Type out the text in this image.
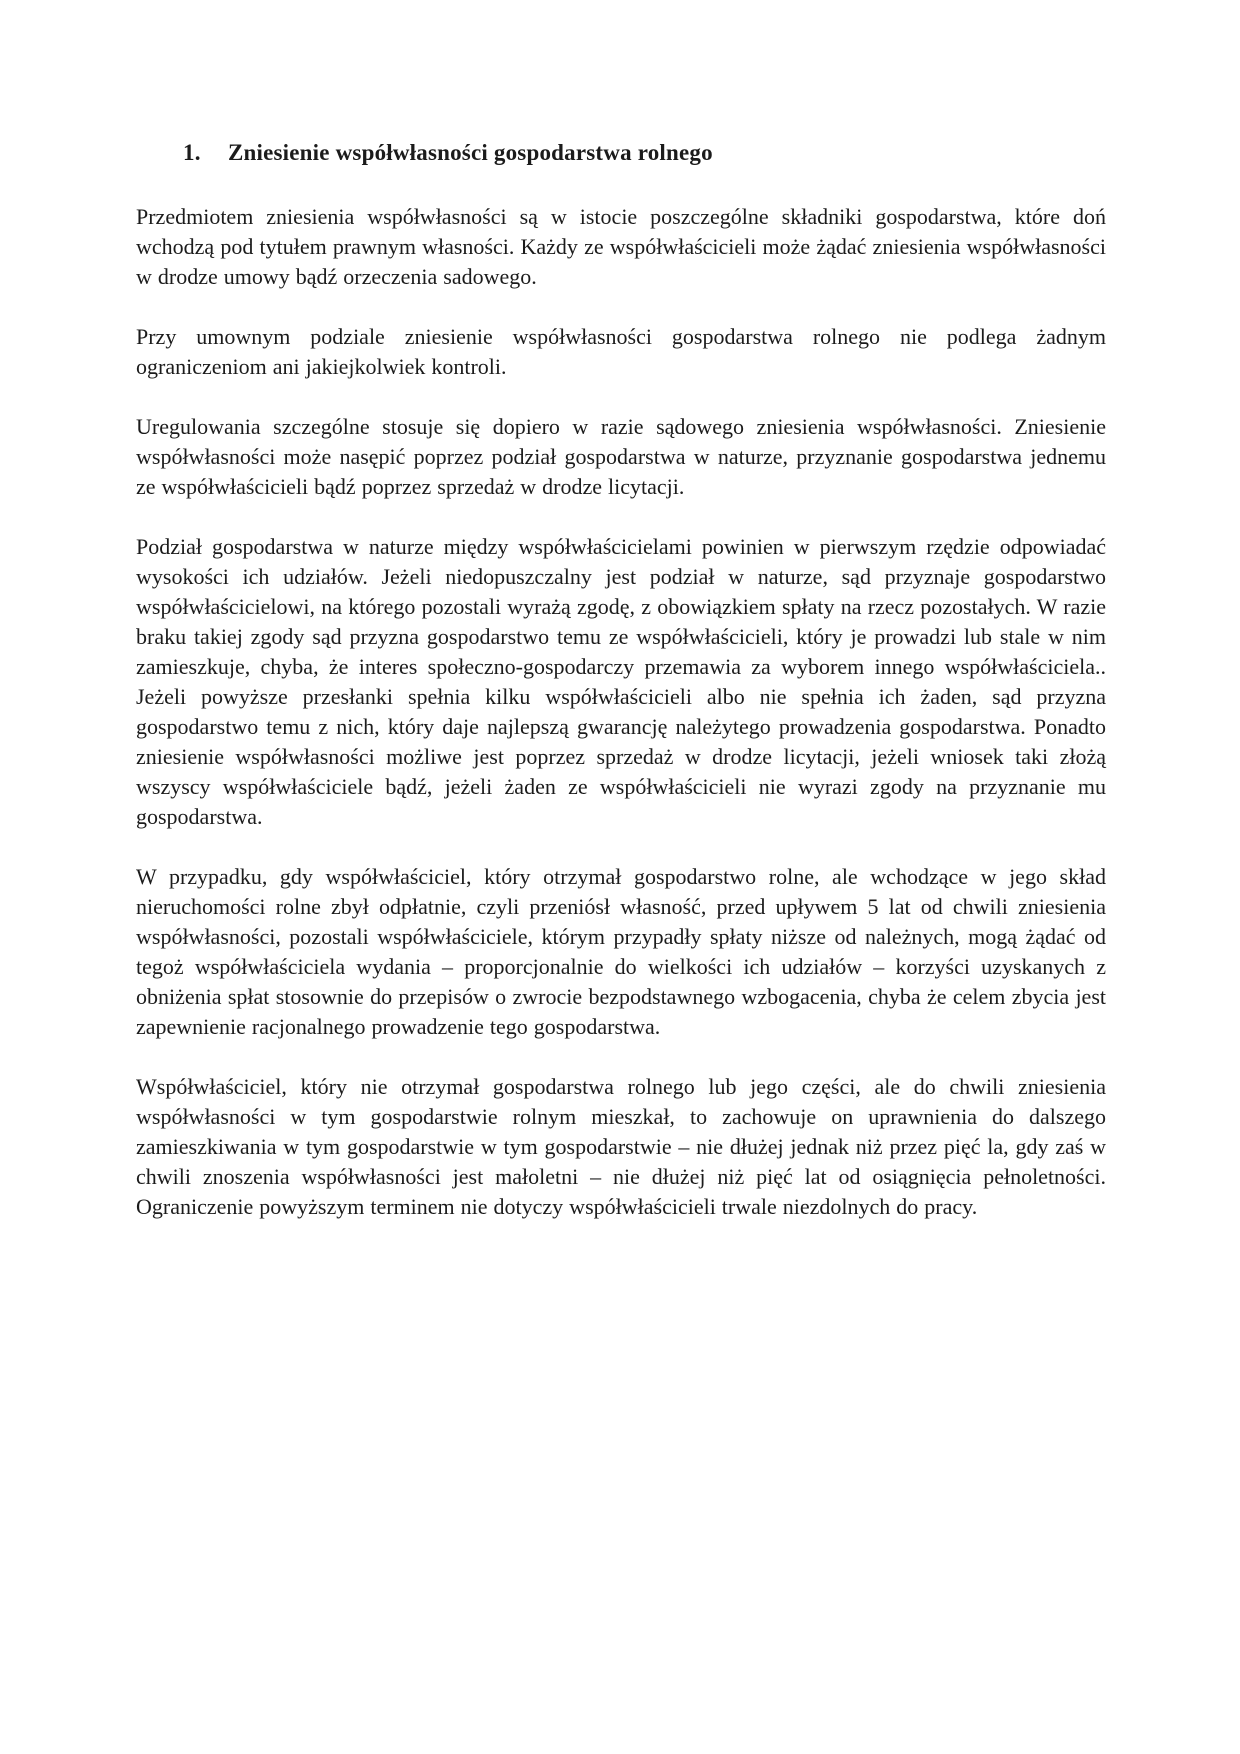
1.	Zniesienie współwłasności gospodarstwa rolnego

Przedmiotem zniesienia współwłasności są w istocie poszczególne składniki gospodarstwa, które doń wchodzą pod tytułem prawnym własności. Każdy ze współwłaścicieli może żądać zniesienia współwłasności w drodze umowy bądź orzeczenia sadowego.

Przy umownym podziale zniesienie współwłasności gospodarstwa rolnego nie podlega żadnym ograniczeniom ani jakiejkolwiek kontroli.

Uregulowania szczególne stosuje się dopiero w razie sądowego zniesienia współwłasności. Zniesienie współwłasności może nasępić poprzez podział gospodarstwa w naturze, przyznanie gospodarstwa jednemu ze współwłaścicieli bądź poprzez sprzedaż w drodze licytacji.

Podział gospodarstwa w naturze między współwłaścicielami powinien w pierwszym rzędzie odpowiadać wysokości ich udziałów. Jeżeli niedopuszczalny jest podział w naturze, sąd przyznaje gospodarstwo współwłaścicielowi, na którego pozostali wyrażą zgodę, z obowiązkiem spłaty na rzecz pozostałych. W razie braku takiej zgody sąd przyzna gospodarstwo temu ze współwłaścicieli, który je prowadzi lub stale w nim zamieszkuje, chyba, że interes społeczno-gospodarczy przemawia za wyborem innego współwłaściciela.. Jeżeli powyższe przesłanki spełnia kilku współwłaścicieli albo nie spełnia ich żaden, sąd przyzna gospodarstwo temu z nich, który daje najlepszą gwarancję należytego prowadzenia gospodarstwa. Ponadto zniesienie współwłasności możliwe jest poprzez sprzedaż w drodze licytacji, jeżeli wniosek taki złożą wszyscy współwłaściciele bądź, jeżeli żaden ze współwłaścicieli nie wyrazi zgody na przyznanie mu gospodarstwa.

W przypadku, gdy współwłaściciel, który otrzymał gospodarstwo rolne, ale wchodzące w jego skład nieruchomości rolne zbył odpłatnie, czyli przeniósł własność, przed upływem 5 lat od chwili zniesienia współwłasności, pozostali współwłaściciele, którym przypadły spłaty niższe od należnych, mogą żądać od tegoż współwłaściciela wydania – proporcjonalnie do wielkości ich udziałów – korzyści uzyskanych z obniżenia spłat stosownie do przepisów o zwrocie bezpodstawnego wzbogacenia, chyba że celem zbycia jest zapewnienie racjonalnego prowadzenie tego gospodarstwa.

Współwłaściciel, który nie otrzymał gospodarstwa rolnego lub jego części, ale do chwili zniesienia współwłasności w tym gospodarstwie rolnym mieszkał, to zachowuje on uprawnienia do dalszego zamieszkiwania w tym gospodarstwie w tym gospodarstwie – nie dłużej jednak niż przez pięć la, gdy zaś w chwili znoszenia współwłasności jest małoletni – nie dłużej niż pięć lat od osiągnięcia pełnoletności. Ograniczenie powyższym terminem nie dotyczy współwłaścicieli trwale niezdolnych do pracy.
